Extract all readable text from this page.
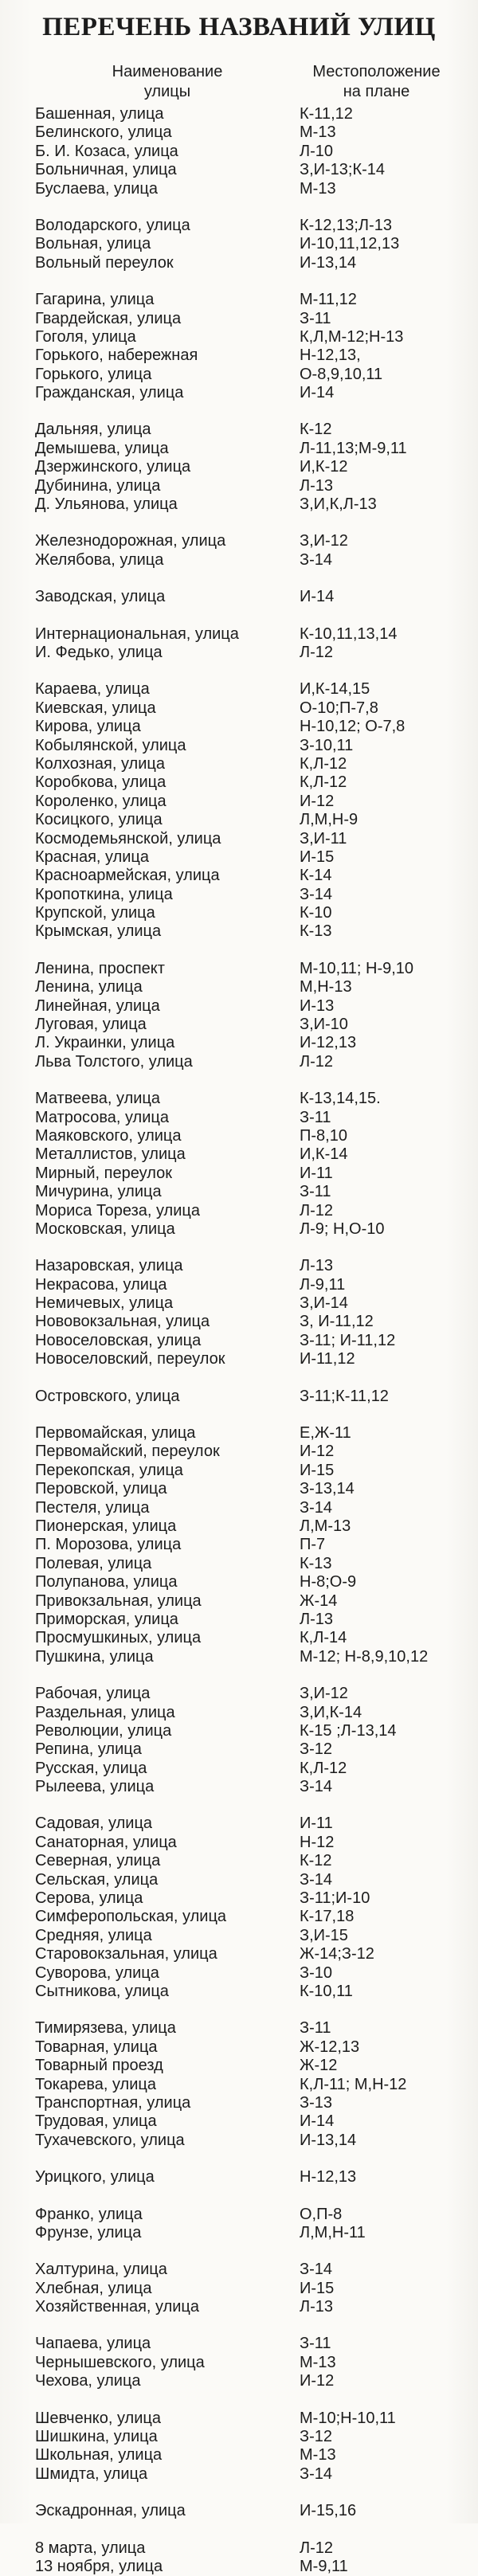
ПЕРЕЧЕНЬ НАЗВАНИЙ УЛИЦ
Наименование
улицы
Местоположение
на плане
Башенная, улица	К-11,12
Белинского, улица	М-13
Б. И. Козаса, улица	Л-10
Больничная, улица	З,И-13;К-14
Буслаева, улица	М-13
Володарского, улица	К-12,13;Л-13
Вольная, улица	И-10,11,12,13
Вольный переулок	И-13,14
Гагарина, улица	М-11,12
Гвардейская, улица	З-11
Гоголя, улица	К,Л,М-12;Н-13
Горького, набережная	Н-12,13,
Горького, улица	О-8,9,10,11
Гражданская, улица	И-14
Дальняя, улица	К-12
Демышева, улица	Л-11,13;М-9,11
Дзержинского, улица	И,К-12
Дубинина, улица	Л-13
Д. Ульянова, улица	З,И,К,Л-13
Железнодорожная, улица	З,И-12
Желябова, улица	З-14
Заводская, улица	И-14
Интернациональная, улица	К-10,11,13,14
И. Федько, улица	Л-12
Караева, улица	И,К-14,15
Киевская, улица	О-10;П-7,8
Кирова, улица	Н-10,12; О-7,8
Кобылянской, улица	З-10,11
Колхозная, улица	К,Л-12
Коробкова, улица	К,Л-12
Короленко, улица	И-12
Косицкого, улица	Л,М,Н-9
Космодемьянской, улица	З,И-11
Красная, улица	И-15
Красноармейская, улица	К-14
Кропоткина, улица	З-14
Крупской, улица	К-10
Крымская, улица	К-13
Ленина, проспект	М-10,11; Н-9,10
Ленина, улица	М,Н-13
Линейная, улица	И-13
Луговая, улица	З,И-10
Л. Украинки, улица	И-12,13
Льва Толстого, улица	Л-12
Матвеева, улица	К-13,14,15.
Матросова, улица	З-11
Маяковского, улица	П-8,10
Металлистов, улица	И,К-14
Мирный, переулок	И-11
Мичурина, улица	З-11
Мориса Тореза, улица	Л-12
Московская, улица	Л-9; Н,О-10
Назаровская, улица	Л-13
Некрасова, улица	Л-9,11
Немичевых, улица	З,И-14
Нововокзальная, улица	З, И-11,12
Новоселовская, улица	З-11; И-11,12
Новоселовский, переулок	И-11,12
Островского, улица	З-11;К-11,12
Первомайская, улица	Е,Ж-11
Первомайский, переулок	И-12
Перекопская, улица	И-15
Перовской, улица	З-13,14
Пестеля, улица	З-14
Пионерская, улица	Л,М-13
П. Морозова, улица	П-7
Полевая, улица	К-13
Полупанова, улица	Н-8;О-9
Привокзальная, улица	Ж-14
Приморская, улица	Л-13
Просмушкиных, улица	К,Л-14
Пушкина, улица	М-12; Н-8,9,10,12
Рабочая, улица	З,И-12
Раздельная, улица	З,И,К-14
Революции, улица	К-15 ;Л-13,14
Репина, улица	З-12
Русская, улица	К,Л-12
Рылеева, улица	З-14
Садовая, улица	И-11
Санаторная, улица	Н-12
Северная, улица	К-12
Сельская, улица	З-14
Серова, улица	З-11;И-10
Симферопольская, улица	К-17,18
Средняя, улица	З,И-15
Старовокзальная, улица	Ж-14;З-12
Суворова, улица	З-10
Сытникова, улица	К-10,11
Тимирязева, улица	З-11
Товарная, улица	Ж-12,13
Товарный проезд	Ж-12
Токарева, улица	К,Л-11; М,Н-12
Транспортная, улица	З-13
Трудовая, улица	И-14
Тухачевского, улица	И-13,14
Урицкого, улица	Н-12,13
Франко, улица	О,П-8
Фрунзе, улица	Л,М,Н-11
Халтурина, улица	З-14
Хлебная, улица	И-15
Хозяйственная, улица	Л-13
Чапаева, улица	З-11
Чернышевского, улица	М-13
Чехова, улица	И-12
Шевченко, улица	М-10;Н-10,11
Шишкина, улица	З-12
Школьная, улица	М-13
Шмидта, улица	З-14
Эскадронная, улица	И-15,16
8 марта, улица	Л-12
13 ноября, улица	М-9,11
